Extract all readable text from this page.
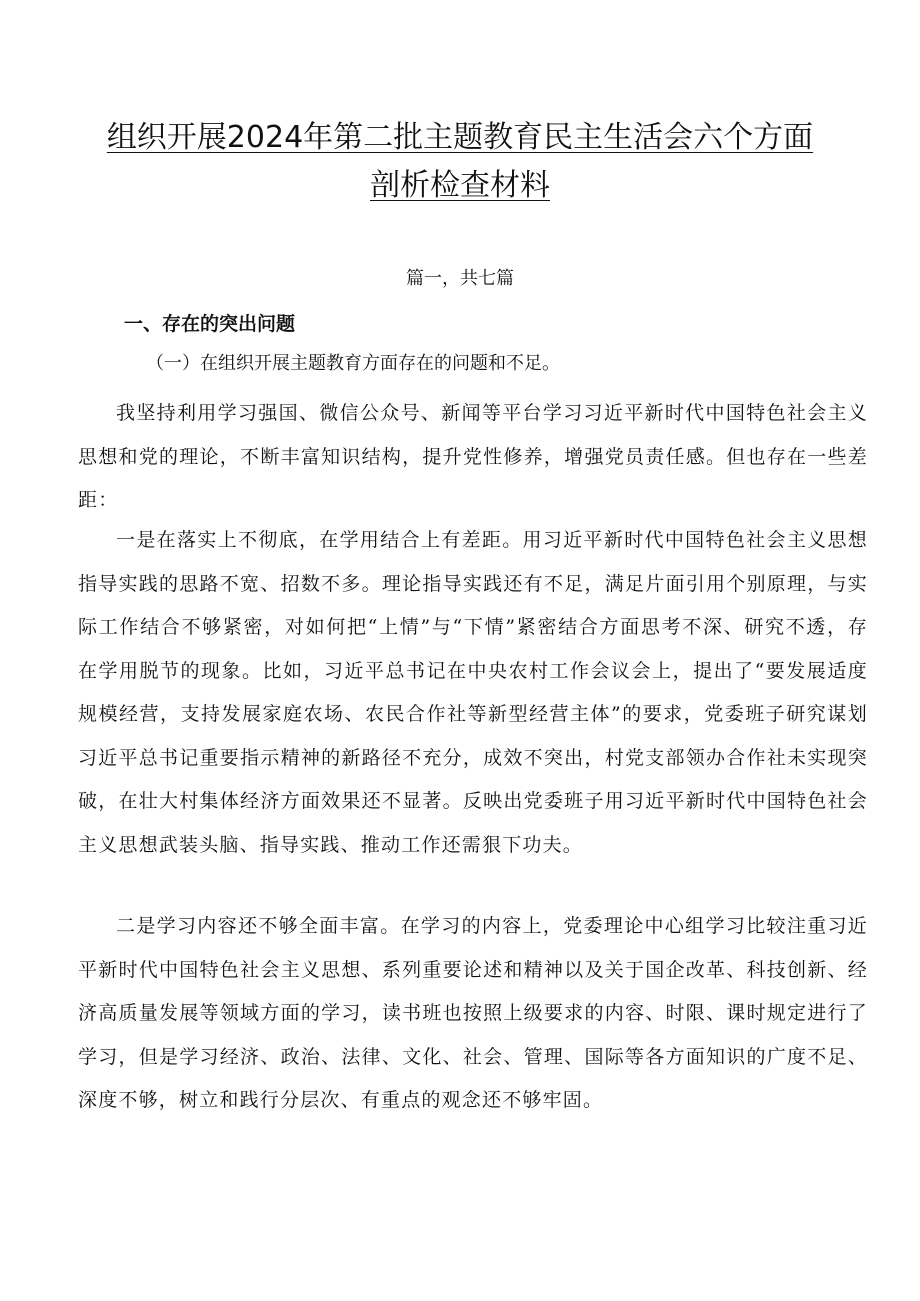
组织开展2024年第二批主题教育民主生活会六个方面
剖析检查材料
篇一，共七篇
一、存在的突出问题
（一）在组织开展主题教育方面存在的问题和不足。

我坚持利用学习强国、微信公众号、新闻等平台学习习近平新时代中国特色社会主义思想和党的理论，不断丰富知识结构，提升党性修养，增强党员责任感。但也存在一些差距：

一是在落实上不彻底，在学用结合上有差距。用习近平新时代中国特色社会主义思想指导实践的思路不宽、招数不多。理论指导实践还有不足，满足片面引用个别原理，与实际工作结合不够紧密，对如何把“上情”与“下情”紧密结合方面思考不深、研究不透，存在学用脱节的现象。比如，习近平总书记在中央农村工作会议会上，提出了“要发展适度规模经营，支持发展家庭农场、农民合作社等新型经营主体”的要求，党委班子研究谋划习近平总书记重要指示精神的新路径不充分，成效不突出，村党支部领办合作社未实现突破，在壮大村集体经济方面效果还不显著。反映出党委班子用习近平新时代中国特色社会主义思想武装头脑、指导实践、推动工作还需狠下功夫。

二是学习内容还不够全面丰富。在学习的内容上，党委理论中心组学习比较注重习近平新时代中国特色社会主义思想、系列重要论述和精神以及关于国企改革、科技创新、经济高质量发展等领域方面的学习，读书班也按照上级要求的内容、时限、课时规定进行了学习，但是学习经济、政治、法律、文化、社会、管理、国际等各方面知识的广度不足、深度不够，树立和践行分层次、有重点的观念还不够牢固。
